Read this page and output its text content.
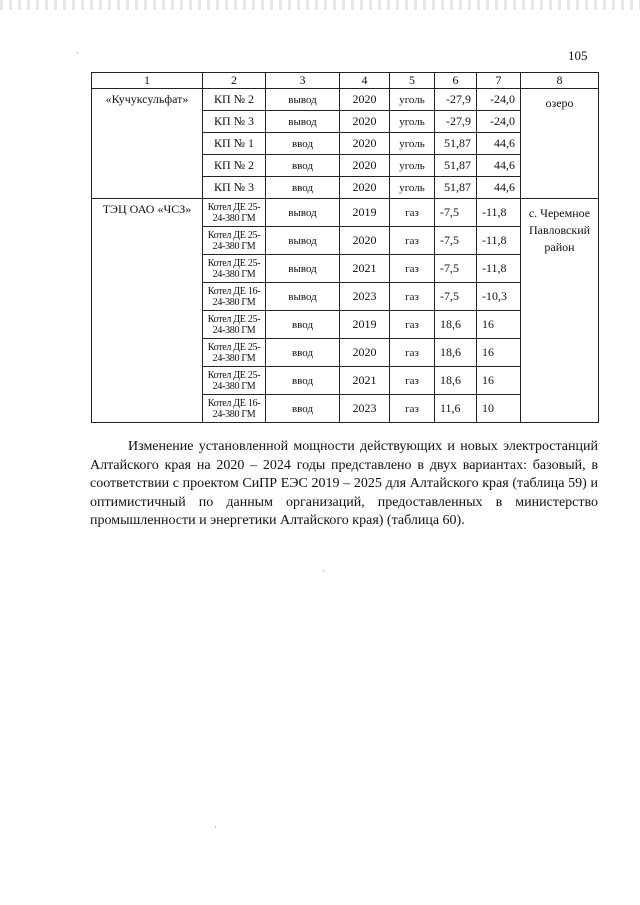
105
1	2	3	4	5	6	7	8
«Кучуксульфат»	КП № 2	вывод	2020	уголь	-27,9	-24,0	озеро
	КП № 3	вывод	2020	уголь	-27,9	-24,0	
	КП № 1	ввод	2020	уголь	51,87	44,6	
	КП № 2	ввод	2020	уголь	51,87	44,6	
	КП № 3	ввод	2020	уголь	51,87	44,6	
ТЭЦ ОАО «ЧСЗ»	Котел ДЕ 25-24-380 ГМ	вывод	2019	газ	-7,5	-11,8	с. Черемное Павловский район
	Котел ДЕ 25-24-380 ГМ	вывод	2020	газ	-7,5	-11,8	
	Котел ДЕ 25-24-380 ГМ	вывод	2021	газ	-7,5	-11,8	
	Котел ДЕ 16-24-380 ГМ	вывод	2023	газ	-7,5	-10,3	
	Котел ДЕ 25-24-380 ГМ	ввод	2019	газ	18,6	16	
	Котел ДЕ 25-24-380 ГМ	ввод	2020	газ	18,6	16	
	Котел ДЕ 25-24-380 ГМ	ввод	2021	газ	18,6	16	
	Котел ДЕ 16-24-380 ГМ	ввод	2023	газ	11,6	10	
Изменение установленной мощности действующих и новых электростанций Алтайского края на 2020 – 2024 годы представлено в двух вариантах: базовый, в соответствии с проектом СиПР ЕЭС 2019 – 2025 для Алтайского края (таблица 59) и оптимистичный по данным организаций, предоставленных в министерство промышленности и энергетики Алтайского края) (таблица 60).
·
·
·
